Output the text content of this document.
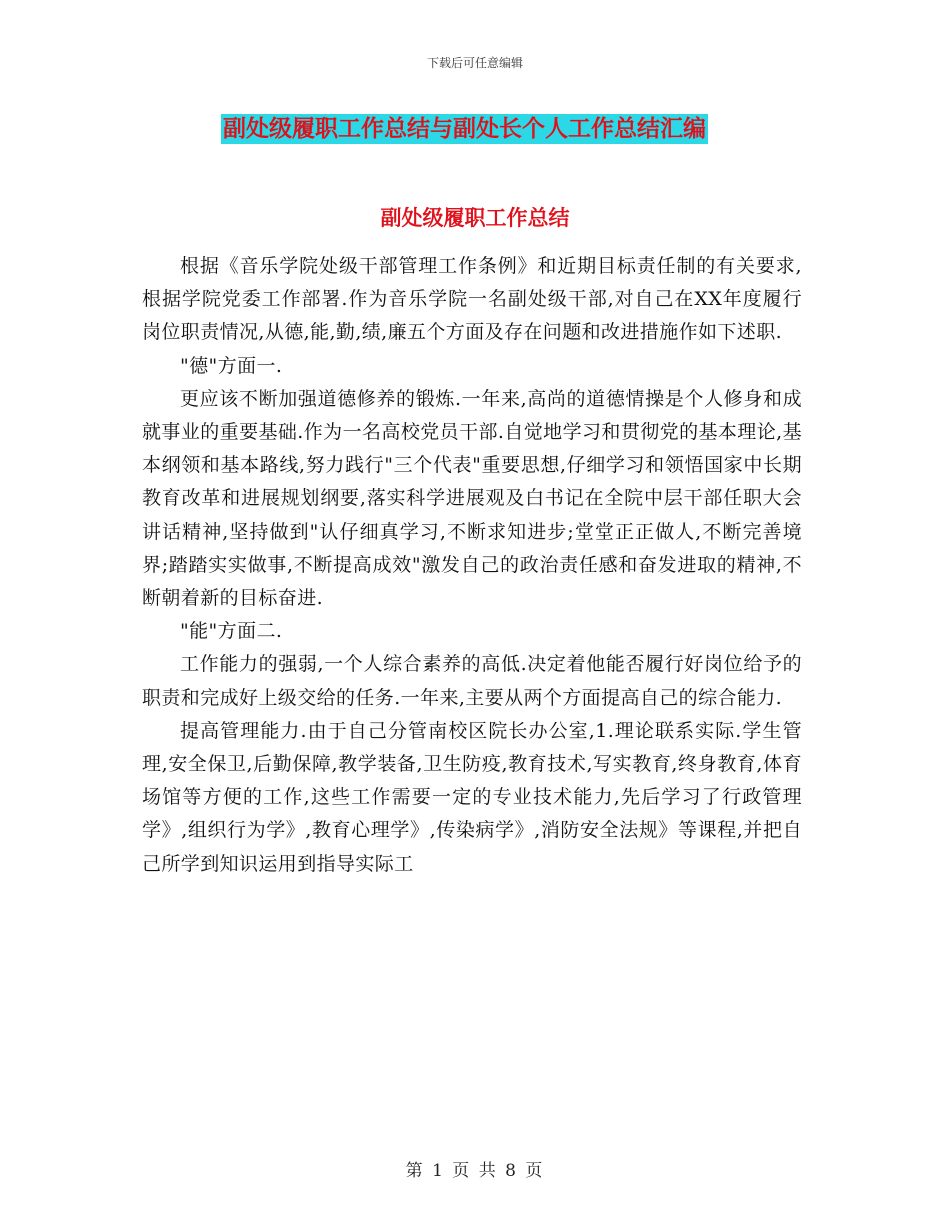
下载后可任意编辑
副处级履职工作总结与副处长个人工作总结汇编
副处级履职工作总结

根据《音乐学院处级干部管理工作条例》和近期目标责任制的有关要求,根据学院党委工作部署.作为音乐学院一名副处级干部,对自己在XX年度履行岗位职责情况,从德,能,勤,绩,廉五个方面及存在问题和改进措施作如下述职.

"德"方面一.

更应该不断加强道德修养的锻炼.一年来,高尚的道德情操是个人修身和成就事业的重要基础.作为一名高校党员干部.自觉地学习和贯彻党的基本理论,基本纲领和基本路线,努力践行"三个代表"重要思想,仔细学习和领悟国家中长期教育改革和进展规划纲要,落实科学进展观及白书记在全院中层干部任职大会讲话精神,坚持做到"认仔细真学习,不断求知进步;堂堂正正做人,不断完善境界;踏踏实实做事,不断提高成效"激发自己的政治责任感和奋发进取的精神,不断朝着新的目标奋进.

"能"方面二.

工作能力的强弱,一个人综合素养的高低.决定着他能否履行好岗位给予的职责和完成好上级交给的任务.一年来,主要从两个方面提高自己的综合能力.

提高管理能力.由于自己分管南校区院长办公室,1.理论联系实际.学生管理,安全保卫,后勤保障,教学装备,卫生防疫,教育技术,写实教育,终身教育,体育场馆等方便的工作,这些工作需要一定的专业技术能力,先后学习了行政管理学》,组织行为学》,教育心理学》,传染病学》,消防安全法规》等课程,并把自己所学到知识运用到指导实际工

第 1 页 共 8 页
